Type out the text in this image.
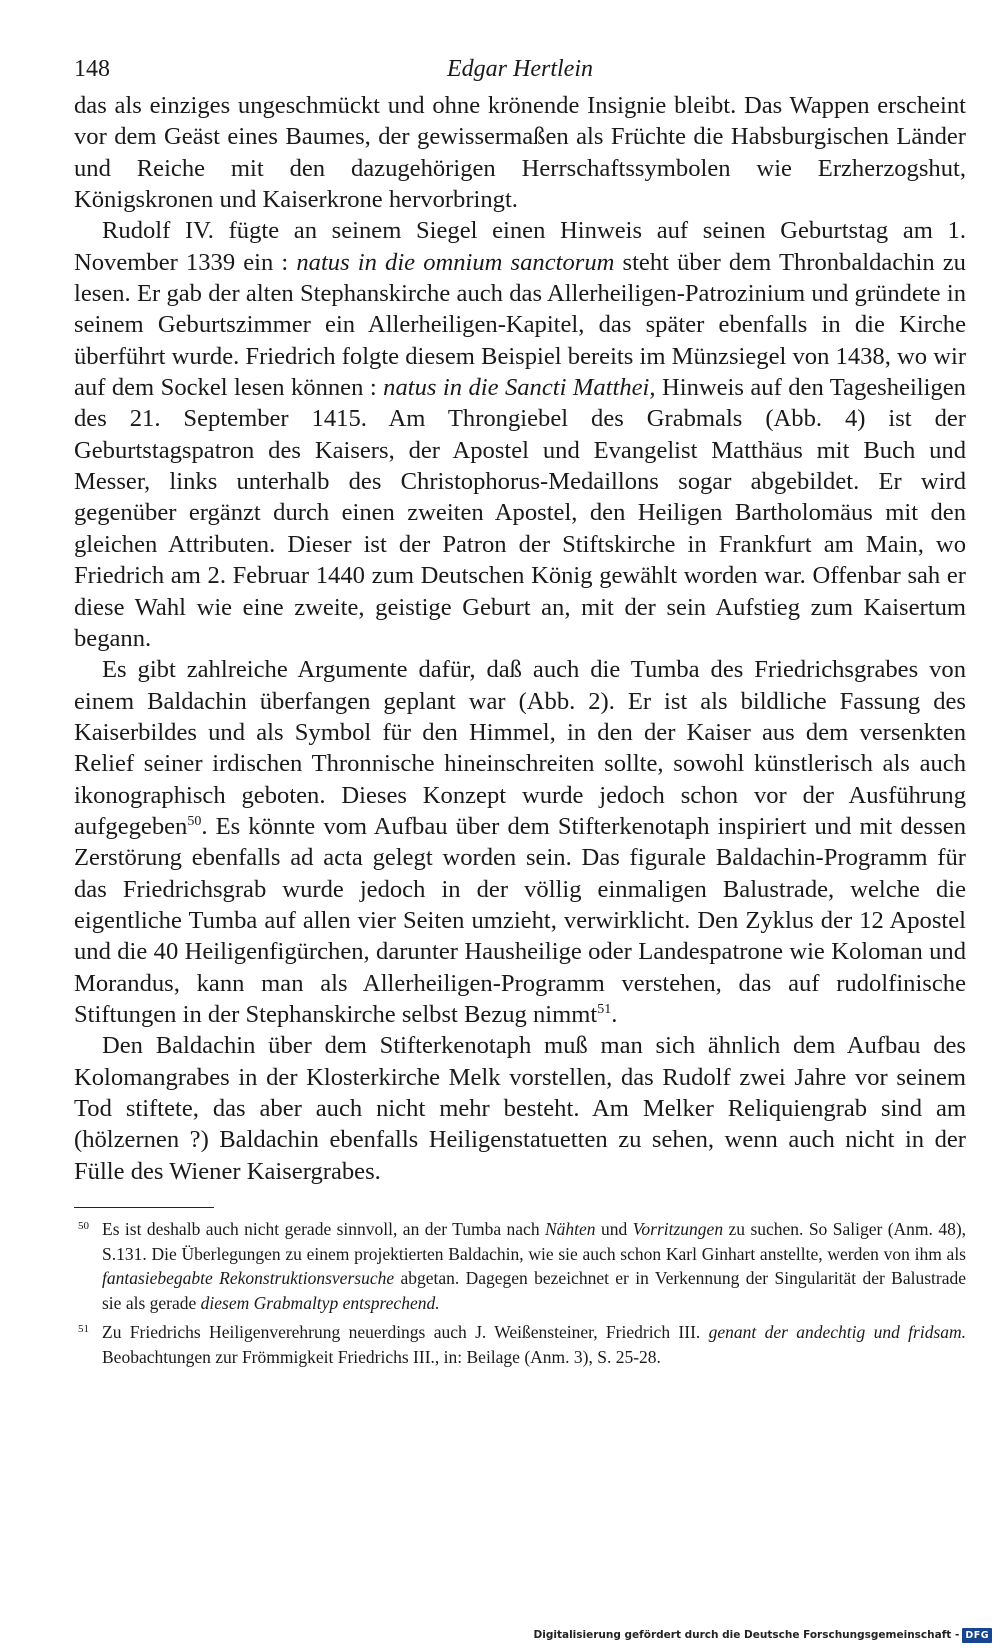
148	Edgar Hertlein

das als einziges ungeschmückt und ohne krönende Insignie bleibt. Das Wappen erscheint vor dem Geäst eines Baumes, der gewissermaßen als Früchte die Habsburgischen Länder und Reiche mit den dazugehörigen Herrschaftssymbolen wie Erzherzogshut, Königskronen und Kaiserkrone hervorbringt.

Rudolf IV. fügte an seinem Siegel einen Hinweis auf seinen Geburtstag am 1. November 1339 ein : natus in die omnium sanctorum steht über dem Thronbaldachin zu lesen. Er gab der alten Stephanskirche auch das Allerheiligen-Patrozinium und gründete in seinem Geburtszimmer ein Allerheiligen-Kapitel, das später ebenfalls in die Kirche überführt wurde. Friedrich folgte diesem Beispiel bereits im Münzsiegel von 1438, wo wir auf dem Sockel lesen können : natus in die Sancti Matthei, Hinweis auf den Tagesheiligen des 21. September 1415. Am Throngiebel des Grabmals (Abb. 4) ist der Geburtstagspatron des Kaisers, der Apostel und Evangelist Matthäus mit Buch und Messer, links unterhalb des Christophorus-Medaillons sogar abgebildet. Er wird gegenüber ergänzt durch einen zweiten Apostel, den Heiligen Bartholomäus mit den gleichen Attributen. Dieser ist der Patron der Stiftskirche in Frankfurt am Main, wo Friedrich am 2. Februar 1440 zum Deutschen König gewählt worden war. Offenbar sah er diese Wahl wie eine zweite, geistige Geburt an, mit der sein Aufstieg zum Kaisertum begann.

Es gibt zahlreiche Argumente dafür, daß auch die Tumba des Friedrichsgrabes von einem Baldachin überfangen geplant war (Abb. 2). Er ist als bildliche Fassung des Kaiserbildes und als Symbol für den Himmel, in den der Kaiser aus dem versenkten Relief seiner irdischen Thronnische hineinschreiten sollte, sowohl künstlerisch als auch ikonographisch geboten. Dieses Konzept wurde jedoch schon vor der Ausführung aufgegeben$^{50}$. Es könnte vom Aufbau über dem Stifterkenotaph inspiriert und mit dessen Zerstörung ebenfalls ad acta gelegt worden sein. Das figurale Baldachin-Programm für das Friedrichsgrab wurde jedoch in der völlig einmaligen Balustrade, welche die eigentliche Tumba auf allen vier Seiten umzieht, verwirklicht. Den Zyklus der 12 Apostel und die 40 Heiligenfigürchen, darunter Hausheilige oder Landespatrone wie Koloman und Morandus, kann man als Allerheiligen-Programm verstehen, das auf rudolfinische Stiftungen in der Stephanskirche selbst Bezug nimmt$^{51}$.

Den Baldachin über dem Stifterkenotaph muß man sich ähnlich dem Aufbau des Kolomangrabes in der Klosterkirche Melk vorstellen, das Rudolf zwei Jahre vor seinem Tod stiftete, das aber auch nicht mehr besteht. Am Melker Reliquiengrab sind am (hölzernen ?) Baldachin ebenfalls Heiligenstatuetten zu sehen, wenn auch nicht in der Fülle des Wiener Kaisergrabes.

50 Es ist deshalb auch nicht gerade sinnvoll, an der Tumba nach Nähten und Vorritzungen zu suchen. So Saliger (Anm. 48), S.131. Die Überlegungen zu einem projektierten Baldachin, wie sie auch schon Karl Ginhart anstellte, werden von ihm als fantasiebegabte Rekonstruktionsversuche abgetan. Dagegen bezeichnet er in Verkennung der Singularität der Balustrade sie als gerade diesem Grabmaltyp entsprechend.
51 Zu Friedrichs Heiligenverehrung neuerdings auch J. Weißensteiner, Friedrich III. genant der andechtig und fridsam. Beobachtungen zur Frömmigkeit Friedrichs III., in: Beilage (Anm. 3), S. 25-28.
Digitalisierung gefördert durch die Deutsche Forschungsgemeinschaft - DFG
